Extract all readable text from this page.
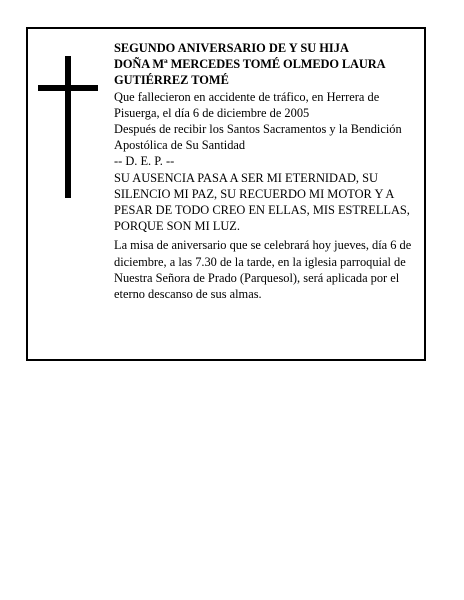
SEGUNDO ANIVERSARIO DE Y SU HIJA

DOÑA Mª MERCEDES TOMÉ OLMEDO LAURA

GUTIÉRREZ TOMÉ

Que fallecieron en accidente de tráfico, en Herrera de Pisuerga, el día 6 de diciembre de 2005

Después de recibir los Santos Sacramentos y la Bendición Apostólica de Su Santidad

-- D. E. P. --

SU AUSENCIA PASA A SER MI ETERNIDAD, SU SILENCIO MI PAZ, SU RECUERDO MI MOTOR Y A PESAR DE TODO CREO EN ELLAS, MIS ESTRELLAS, PORQUE SON MI LUZ.

La misa de aniversario que se celebrará hoy jueves, día 6 de diciembre, a las 7.30 de la tarde, en la iglesia parroquial de Nuestra Señora de Prado (Parquesol), será aplicada por el eterno descanso de sus almas.
